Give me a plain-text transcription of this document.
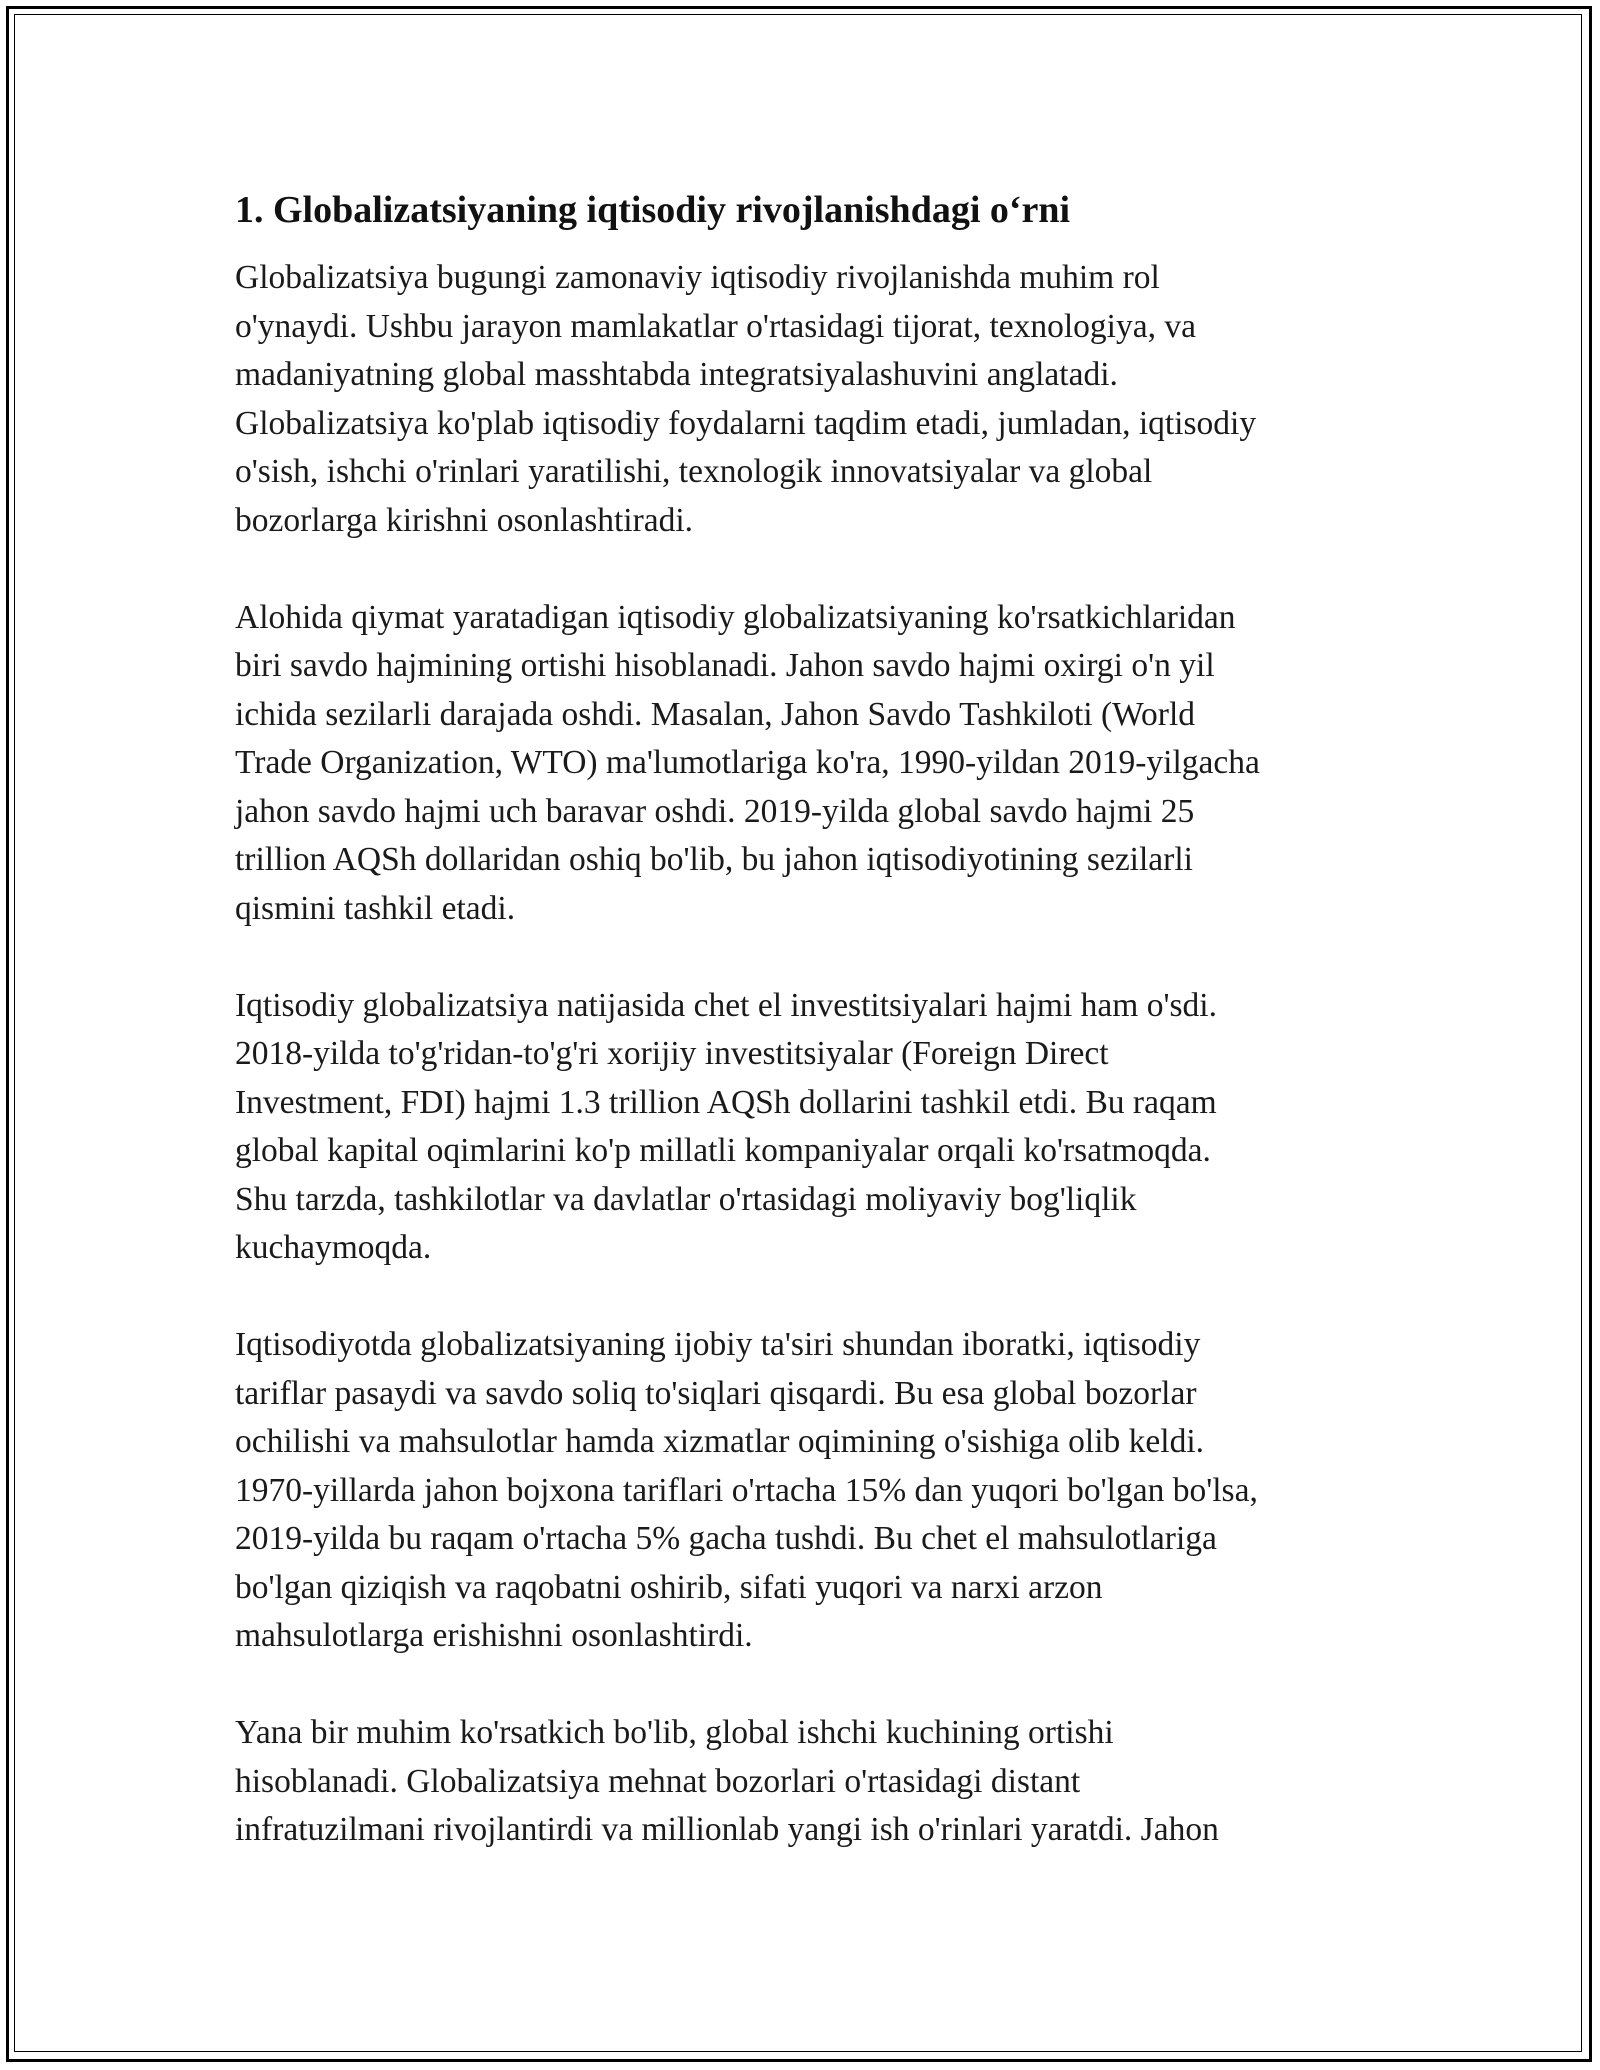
1. Globalizatsiyaning iqtisodiy rivojlanishdagi o‘rni

Globalizatsiya bugungi zamonaviy iqtisodiy rivojlanishda muhim rol
o'ynaydi. Ushbu jarayon mamlakatlar o'rtasidagi tijorat, texnologiya, va
madaniyatning global masshtabda integratsiyalashuvini anglatadi.
Globalizatsiya ko'plab iqtisodiy foydalarni taqdim etadi, jumladan, iqtisodiy
o'sish, ishchi o'rinlari yaratilishi, texnologik innovatsiyalar va global
bozorlarga kirishni osonlashtiradi.

Alohida qiymat yaratadigan iqtisodiy globalizatsiyaning ko'rsatkichlaridan
biri savdo hajmining ortishi hisoblanadi. Jahon savdo hajmi oxirgi o'n yil
ichida sezilarli darajada oshdi. Masalan, Jahon Savdo Tashkiloti (World
Trade Organization, WTO) ma'lumotlariga ko'ra, 1990-yildan 2019-yilgacha
jahon savdo hajmi uch baravar oshdi. 2019-yilda global savdo hajmi 25
trillion AQSh dollaridan oshiq bo'lib, bu jahon iqtisodiyotining sezilarli
qismini tashkil etadi.

Iqtisodiy globalizatsiya natijasida chet el investitsiyalari hajmi ham o'sdi.
2018-yilda to'g'ridan-to'g'ri xorijiy investitsiyalar (Foreign Direct
Investment, FDI) hajmi 1.3 trillion AQSh dollarini tashkil etdi. Bu raqam
global kapital oqimlarini ko'p millatli kompaniyalar orqali ko'rsatmoqda.
Shu tarzda, tashkilotlar va davlatlar o'rtasidagi moliyaviy bog'liqlik
kuchaymoqda.

Iqtisodiyotda globalizatsiyaning ijobiy ta'siri shundan iboratki, iqtisodiy
tariflar pasaydi va savdo soliq to'siqlari qisqardi. Bu esa global bozorlar
ochilishi va mahsulotlar hamda xizmatlar oqimining o'sishiga olib keldi.
1970-yillarda jahon bojxona tariflari o'rtacha 15% dan yuqori bo'lgan bo'lsa,
2019-yilda bu raqam o'rtacha 5% gacha tushdi. Bu chet el mahsulotlariga
bo'lgan qiziqish va raqobatni oshirib, sifati yuqori va narxi arzon
mahsulotlarga erishishni osonlashtirdi.

Yana bir muhim ko'rsatkich bo'lib, global ishchi kuchining ortishi
hisoblanadi. Globalizatsiya mehnat bozorlari o'rtasidagi distant
infratuzilmani rivojlantirdi va millionlab yangi ish o'rinlari yaratdi. Jahon
